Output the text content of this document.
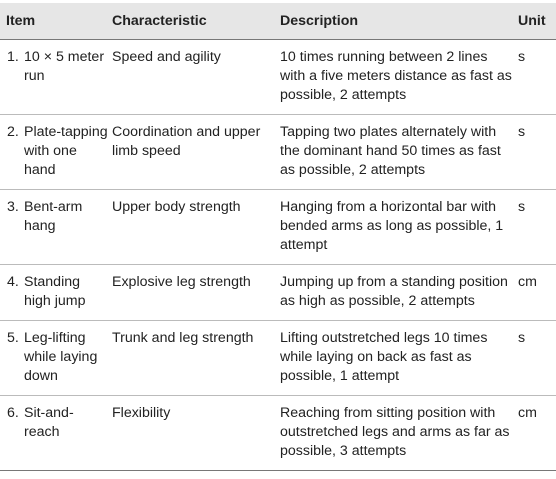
Item	Characteristic	Description	Unit

1. 10 × 5 meter run	Speed and agility	10 times running between 2 lines with a five meters distance as fast as possible, 2 attempts	s

2. Plate-tapping with one hand	Coordination and upper limb speed	Tapping two plates alternately with the dominant hand 50 times as fast as possible, 2 attempts	s

3. Bent-arm hang	Upper body strength	Hanging from a horizontal bar with bended arms as long as possible, 1 attempt	s

4. Standing high jump	Explosive leg strength	Jumping up from a standing position as high as possible, 2 attempts	cm

5. Leg-lifting while laying down	Trunk and leg strength	Lifting outstretched legs 10 times while laying on back as fast as possible, 1 attempt	s

6. Sit-and-reach	Flexibility	Reaching from sitting position with outstretched legs and arms as far as possible, 3 attempts	cm
